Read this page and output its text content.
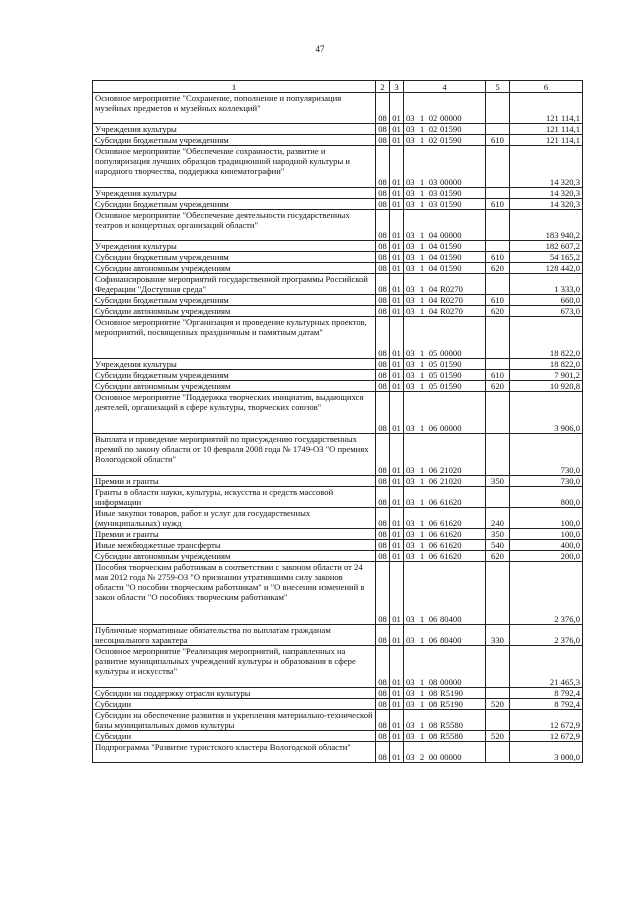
47
1	2	3	4	5	6
Основное мероприятие "Сохранение, пополнение и популяризация музейных предметов и музейных коллекций"	08	01	03 1 02 00000		121 114,1
Учреждения культуры	08	01	03 1 02 01590		121 114,1
Субсидии бюджетным учреждениям	08	01	03 1 02 01590	610	121 114,1
Основное мероприятие "Обеспечение сохранности, развитие и популяризация лучших образцов традиционной народной культуры и народного творчества, поддержка кинематографии"	08	01	03 1 03 00000		14 320,3
Учреждения культуры	08	01	03 1 03 01590		14 320,3
Субсидии бюджетным учреждениям	08	01	03 1 03 01590	610	14 320,3
Основное мероприятие "Обеспечение деятельности государственных театров и концертных организаций области"	08	01	03 1 04 00000		183 940,2
Учреждения культуры	08	01	03 1 04 01590		182 607,2
Субсидии бюджетным учреждениям	08	01	03 1 04 01590	610	54 165,2
Субсидии автономным учреждениям	08	01	03 1 04 01590	620	128 442,0
Софинансирование мероприятий государственной программы Российской Федерации "Доступная среда"	08	01	03 1 04 R0270		1 333,0
Субсидии бюджетным учреждениям	08	01	03 1 04 R0270	610	660,0
Субсидии автономным учреждениям	08	01	03 1 04 R0270	620	673,0
Основное мероприятие "Организация и проведение культурных проектов, мероприятий, посвященных праздничным и памятным датам"	08	01	03 1 05 00000		18 822,0
Учреждения культуры	08	01	03 1 05 01590		18 822,0
Субсидии бюджетным учреждениям	08	01	03 1 05 01590	610	7 901,2
Субсидии автономным учреждениям	08	01	03 1 05 01590	620	10 920,8
Основное мероприятие "Поддержка творческих инициатив, выдающихся деятелей, организаций в сфере культуры, творческих союзов"	08	01	03 1 06 00000		3 906,0
Выплата и проведение мероприятий по присуждению государственных премий по закону области от 10 февраля 2008 года № 1749-ОЗ "О премиях Вологодской области"	08	01	03 1 06 21020		730,0
Премии и гранты	08	01	03 1 06 21020	350	730,0
Гранты в области науки, культуры, искусства и средств массовой информации	08	01	03 1 06 61620		800,0
Иные закупки товаров, работ и услуг для государственных (муниципальных) нужд	08	01	03 1 06 61620	240	100,0
Премии и гранты	08	01	03 1 06 61620	350	100,0
Иные межбюджетные трансферты	08	01	03 1 06 61620	540	400,0
Субсидии автономным учреждениям	08	01	03 1 06 61620	620	200,0
Пособия творческим работникам в соответствии с законом области от 24 мая 2012 года № 2759-ОЗ "О признании утратившими силу законов области "О пособии творческим работникам" и "О внесении изменений в закон области "О пособиях творческим работникам"	08	01	03 1 06 80400		2 376,0
Публичные нормативные обязательства по выплатам гражданам несоциального характера	08	01	03 1 06 80400	330	2 376,0
Основное мероприятие "Реализация мероприятий, направленных на развитие муниципальных учреждений культуры и образования в сфере культуры и искусства"	08	01	03 1 08 00000		21 465,3
Субсидии на поддержку отрасли культуры	08	01	03 1 08 R5190		8 792,4
Субсидии	08	01	03 1 08 R5190	520	8 792,4
Субсидии на обеспечение развития и укрепления материально-технической базы муниципальных домов культуры	08	01	03 1 08 R5580		12 672,9
Субсидии	08	01	03 1 08 R5580	520	12 672,9
Подпрограмма "Развитие туристского кластера Вологодской области"	08	01	03 2 00 00000		3 000,0
